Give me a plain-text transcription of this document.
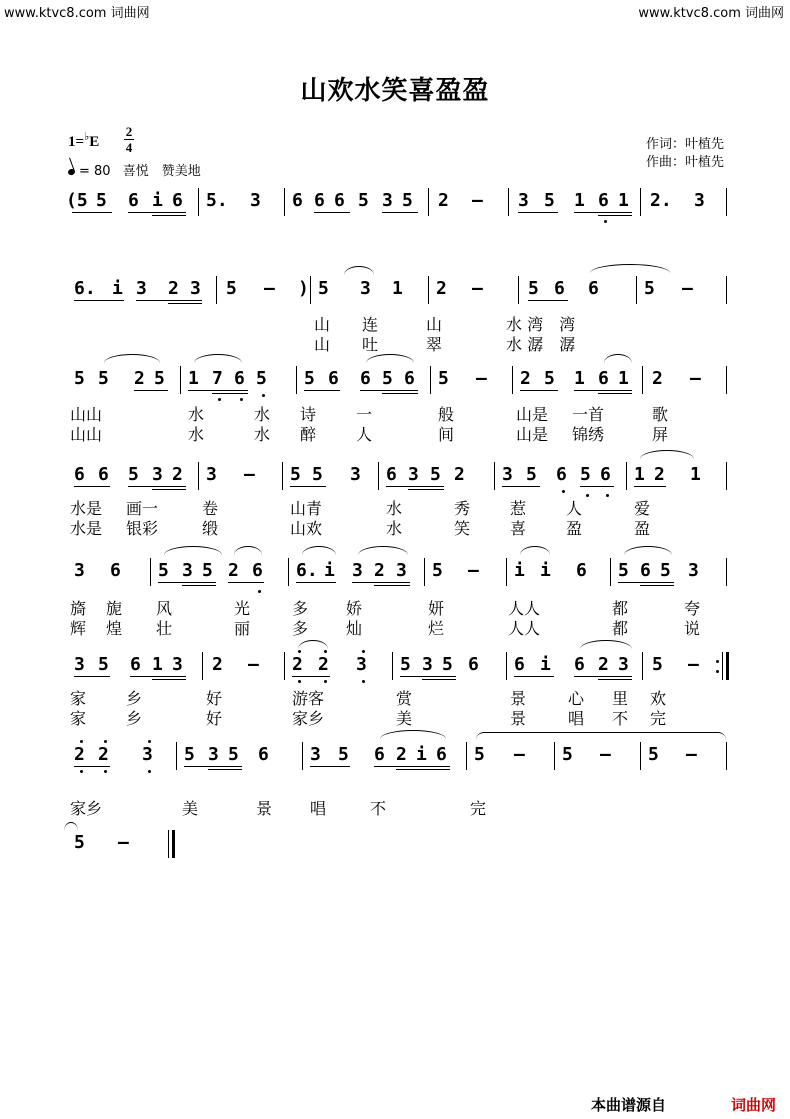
www.ktvc8.com 词曲网	www.ktvc8.com 词曲网
山欢水笑喜盈盈
1=♭E
2
4
= 80 喜悦　赞美地
作词：叶植先
作曲：叶植先
(5 5 6 i 6 5. 3 6 6 6 5 3 5 2 – 3 5 1 6 1 2. 3
6. i 3 2 3 5 – ) 5 3 1 2 –	5 6 6	5 –
山　　连　　　山　　　　水 湾　湾
山　　吐　　　翠　　　　水 潺　潺
5 5 2 5 1 7 6 5 5 6 6 5 6 5 – 2 5 1 6 1 2 –
山山	水	水 诗 一	般	山是 一首	歌
山山	水	水 醉 人	间	山是 锦绣	屏
6 6 5 3 2 3 – 5 5 3 6 3 5 2 3 5 6 5 6 1 2 1
水是 画一	卷	山青	水	秀 惹 人	爱
水是 银彩	缎	山欢	水	笑 喜 盈	盈
3 6 5 3 5 2 6 6. i 3 2 3 5 – i i 6 5 6 5 3
旖 旎 风	光	多 娇	妍	人人	都	夸
辉 煌 壮	丽	多 灿	烂	人人	都	说
3 5 6 1 3 2 – 2 2 3 5 3 5 6 6 i 6 2 3 5 –
家 乡	好	游客	赏	景	心 里 欢
家 乡	好	家乡	美	景	唱 不 完
2 2 3 5 3 5 6 3 5 6 2 i 6 5 – 5 – 5 –
家乡	美	景 唱	不	完
5 –
本曲谱源自	词曲网
